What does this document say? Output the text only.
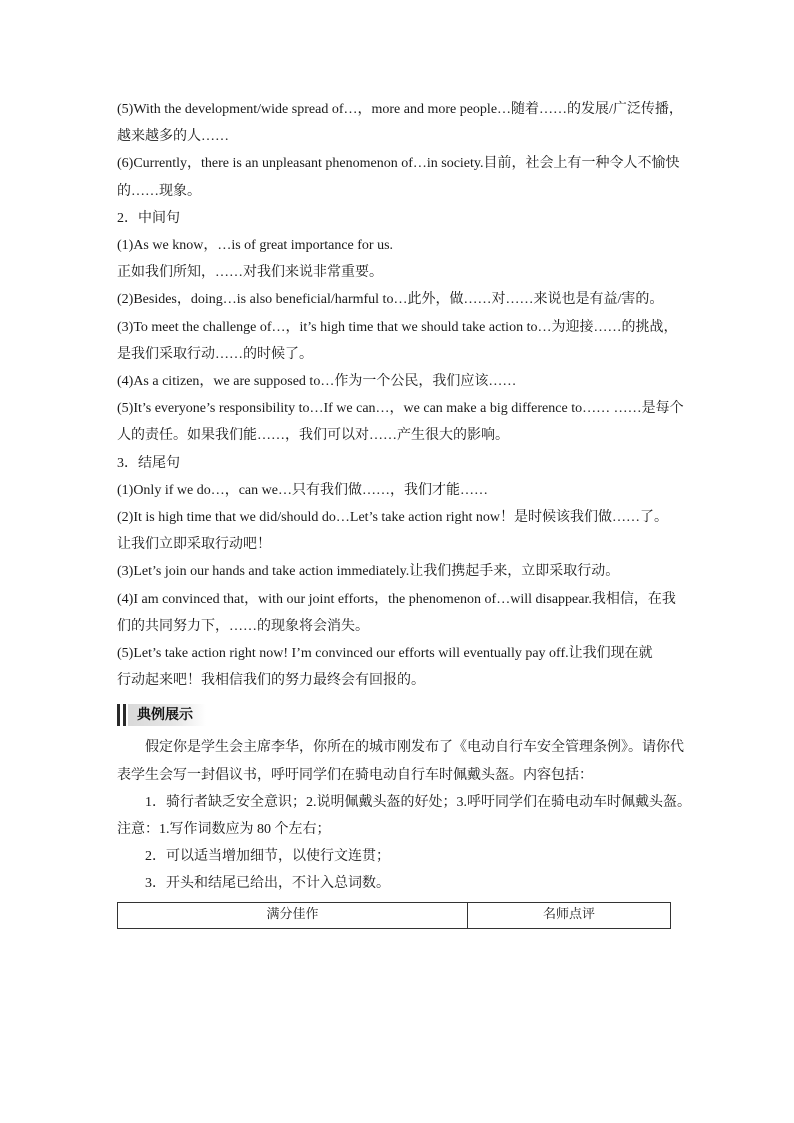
(5)With the development/wide spread of…，more and more people…随着……的发展/广泛传播，
越来越多的人……
(6)Currently，there is an unpleasant phenomenon of…in society.目前，社会上有一种令人不愉快
的……现象。
2．中间句
(1)As we know，…is of great importance for us.
正如我们所知，……对我们来说非常重要。
(2)Besides，doing…is also beneficial/harmful to…此外，做……对……来说也是有益/害的。
(3)To meet the challenge of…，it’s high time that we should take action to…为迎接……的挑战，
是我们采取行动……的时候了。
(4)As a citizen，we are supposed to…作为一个公民，我们应该……
(5)It’s everyone’s responsibility to…If we can…，we can make a big difference to…… ……是每个
人的责任。如果我们能……，我们可以对……产生很大的影响。
3．结尾句
(1)Only if we do…，can we…只有我们做……，我们才能……
(2)It is high time that we did/should do…Let’s take action right now！是时候该我们做……了。
让我们立即采取行动吧！
(3)Let’s join our hands and take action immediately.让我们携起手来，立即采取行动。
(4)I am convinced that，with our joint efforts，the phenomenon of…will disappear.我相信，在我
们的共同努力下，……的现象将会消失。
(5)Let’s take action right now! I’m convinced our efforts will eventually pay off.让我们现在就
行动起来吧！我相信我们的努力最终会有回报的。
典例展示
假定你是学生会主席李华，你所在的城市刚发布了《电动自行车安全管理条例》。请你代
表学生会写一封倡议书，呼吁同学们在骑电动自行车时佩戴头盔。内容包括：
1．骑行者缺乏安全意识；2.说明佩戴头盔的好处；3.呼吁同学们在骑电动车时佩戴头盔。
注意：1.写作词数应为 80 个左右；
2．可以适当增加细节，以使行文连贯；
3．开头和结尾已给出，不计入总词数。
满分佳作	名师点评
